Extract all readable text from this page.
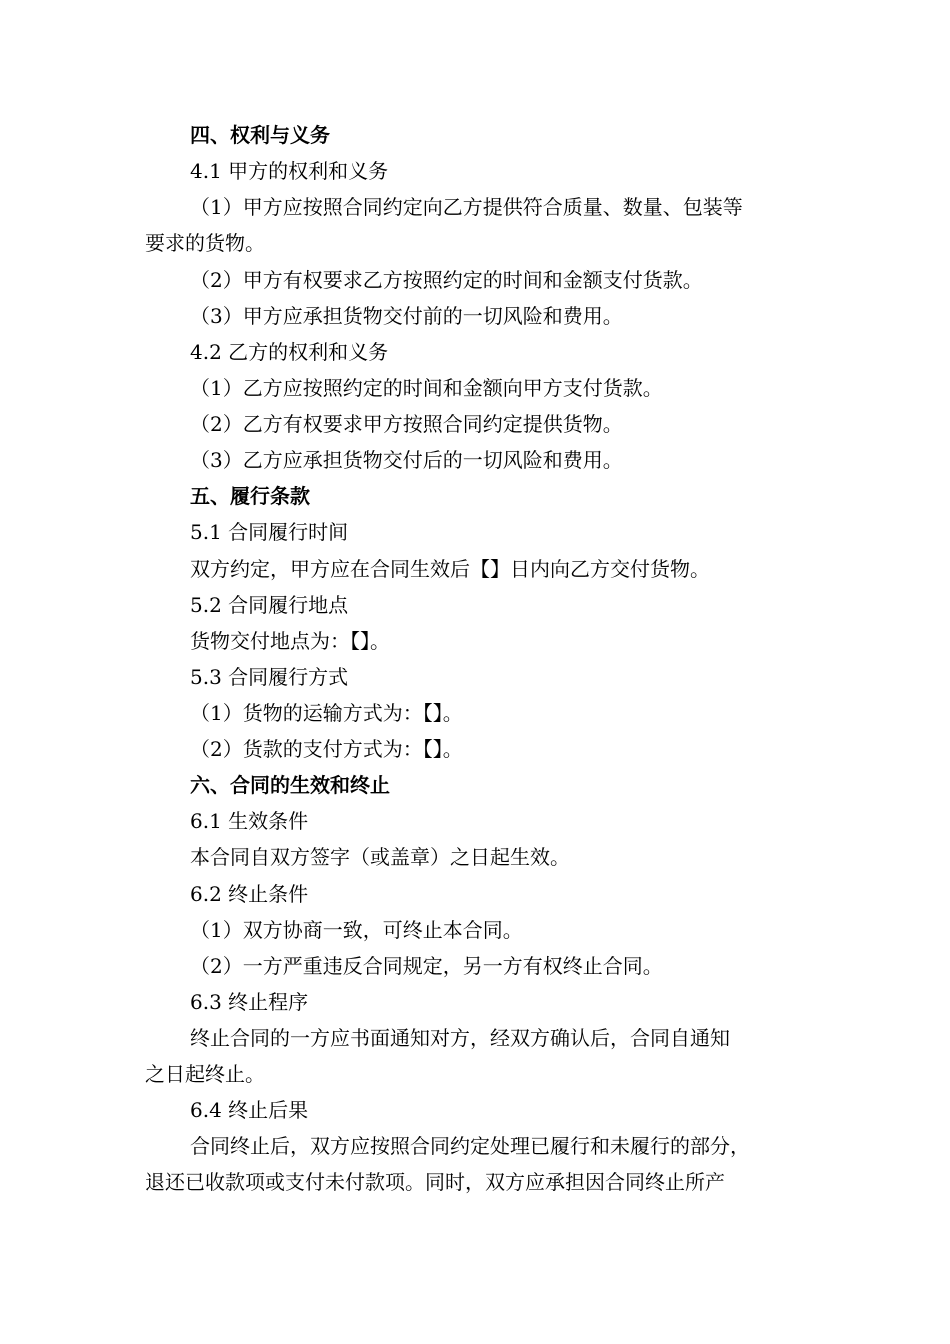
四、权利与义务
4.1 甲方的权利和义务
（1）甲方应按照合同约定向乙方提供符合质量、数量、包装等
要求的货物。
（2）甲方有权要求乙方按照约定的时间和金额支付货款。
（3）甲方应承担货物交付前的一切风险和费用。
4.2 乙方的权利和义务
（1）乙方应按照约定的时间和金额向甲方支付货款。
（2）乙方有权要求甲方按照合同约定提供货物。
（3）乙方应承担货物交付后的一切风险和费用。
五、履行条款
5.1 合同履行时间
双方约定，甲方应在合同生效后【】日内向乙方交付货物。
5.2 合同履行地点
货物交付地点为：【】。
5.3 合同履行方式
（1）货物的运输方式为：【】。
（2）货款的支付方式为：【】。
六、合同的生效和终止
6.1 生效条件
本合同自双方签字（或盖章）之日起生效。
6.2 终止条件
（1）双方协商一致，可终止本合同。
（2）一方严重违反合同规定，另一方有权终止合同。
6.3 终止程序
终止合同的一方应书面通知对方，经双方确认后，合同自通知
之日起终止。
6.4 终止后果
合同终止后，双方应按照合同约定处理已履行和未履行的部分，
退还已收款项或支付未付款项。同时，双方应承担因合同终止所产
